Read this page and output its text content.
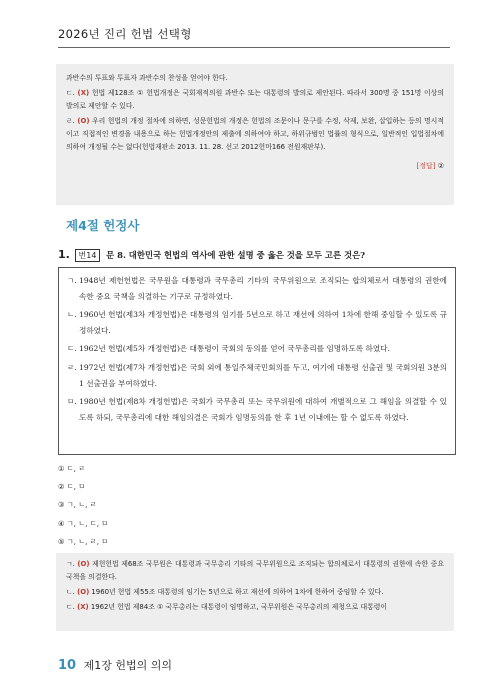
2026년 진리 헌법 선택형

과반수의 투표와 투표자 과반수의 찬성을 얻어야 한다.

ㄷ. (X) 헌법 제128조 ① 헌법개정은 국회재적의원 과반수 또는 대통령의 발의로 제안된다. 따라서 300명 중 151명 이상의 발의로 제안할 수 있다.

ㄹ. (O) 우리 헌법의 개정 절차에 의하면, 성문헌법의 개정은 헌법의 조문이나 문구를 수정, 삭제, 보완, 삽입하는 등의 명시적이고 직접적인 변경을 내용으로 하는 헌법개정안의 제출에 의하여야 하고, 하위규범인 법률의 형식으로, 일반적인 입법절차에 의하여 개정될 수는 없다(헌법재판소 2013. 11. 28. 선고 2012헌마166 전원재판부).

[정답] ②
제4절 헌정사
1. 번14 문 8. 대한민국 헌법의 역사에 관한 설명 중 옳은 것을 모두 고른 것은?
ㄱ. 1948년 제헌헌법은 국무원을 대통령과 국무총리 기타의 국무위원으로 조직되는 합의체로서 대통령의 권한에 속한 중요 국책을 의결하는 기구로 규정하였다.
ㄴ. 1960년 헌법(제3차 개정헌법)은 대통령의 임기를 5년으로 하고 재선에 의하여 1차에 한해 중임할 수 있도록 규정하였다.
ㄷ. 1962년 헌법(제5차 개정헌법)은 대통령이 국회의 동의를 얻어 국무총리를 임명하도록 하였다.
ㄹ. 1972년 헌법(제7차 개정헌법)은 국회 외에 통일주체국민회의를 두고, 여기에 대통령 선출권 및 국회의원 3분의 1 선출권을 부여하였다.
ㅁ. 1980년 헌법(제8차 개정헌법)은 국회가 국무총리 또는 국무위원에 대하여 개별적으로 그 해임을 의결할 수 있도록 하되, 국무총리에 대한 해임의결은 국회가 임명동의를 한 후 1년 이내에는 할 수 없도록 하였다.
① ㄷ, ㄹ
② ㄷ, ㅁ
③ ㄱ, ㄴ, ㄹ
④ ㄱ, ㄴ, ㄷ, ㅁ
⑤ ㄱ, ㄴ, ㄹ, ㅁ

ㄱ. (O) 제헌헌법 제68조 국무원은 대통령과 국무총리 기타의 국무위원으로 조직되는 합의체로서 대통령의 권한에 속한 중요 국책을 의결한다.

ㄴ. (O) 1960년 헌법 제55조 대통령의 임기는 5년으로 하고 재선에 의하여 1차에 한하여 중임할 수 있다.

ㄷ. (X) 1962년 헌법 제84조 ① 국무총리는 대통령이 임명하고, 국무위원은 국무총리의 제청으로 대통령이

10 제1장 헌법의 의의
